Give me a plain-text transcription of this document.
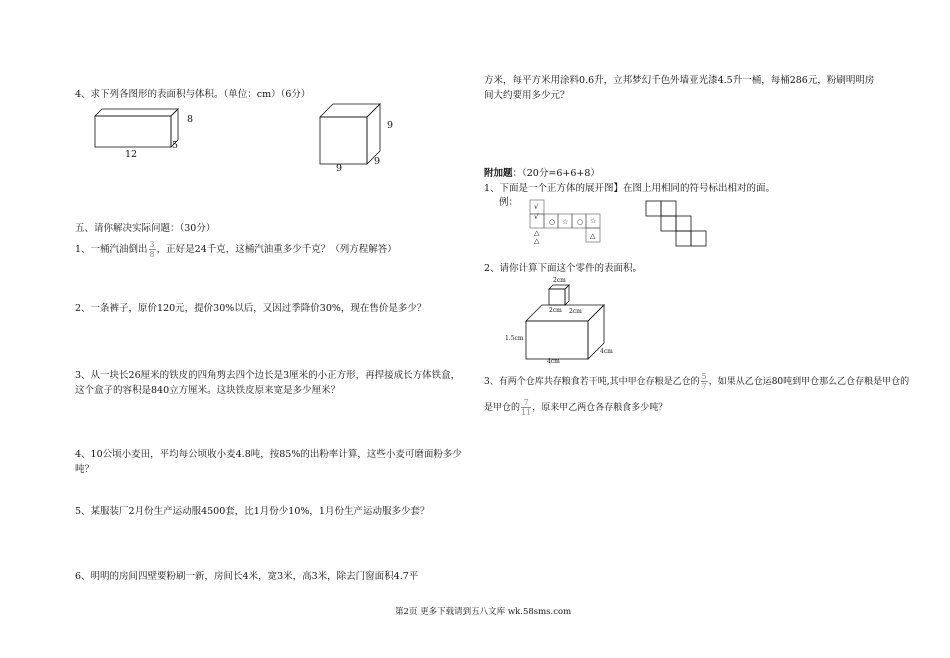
4、求下列各图形的表面积与体积。（单位：cm）（6分）
8
5
12
9
9
9
五、请你解决实际问题：（30分）
1、一桶汽油倒出 $\frac{3}{8}$ ，正好是24千克，这桶汽油重多少千克？（列方程解答）
2、一条裤子，原价120元，提价30%以后，又因过季降价30%，现在售价是多少？
3、从一块长26厘米的铁皮的四角剪去四个边长是3厘米的小正方形，再捍接成长方体铁盒，这个盒子的容积是840立方厘米。这块铁皮原来宽是多少厘米？
4、10公顷小麦田，平均每公顷收小麦4.8吨，按85%的出粉率计算，这些小麦可磨面粉多少吨？
5、某服装厂2月份生产运动服4500套，比1月份少10%，1月份生产运动服多少套？
6、明明的房间四壁要粉刷一新，房间长4米，宽3米，高3米，除去门窗面积4.7平
方米，每平方米用涂料0.6升，立邦梦幻千色外墙亚光漆4.5升一桶，每桶286元，粉刷明明房间大约要用多少元？
附加题：（20分=6+6+8）
1、下面是一个正方体的展开图】在图上用相同的符号标出相对的面。
例： √
√
○	○
☆	☆
△	△
△
2、请你计算下面这个零件的表面积。
2cm
2cm 2cm
1.5cm
4cm
4cm
3、有两个仓库共存粮食若干吨,其中甲仓存粮是乙仓的 $\frac{5}{7}$ ，如果从乙仓运80吨到甲仓那么乙仓存粮是甲仓的
是甲仓的 $\frac{7}{11}$ ，原来甲乙两仓各存粮食多少吨？
第2页 更多下载请到五八文库 wk.58sms.com
